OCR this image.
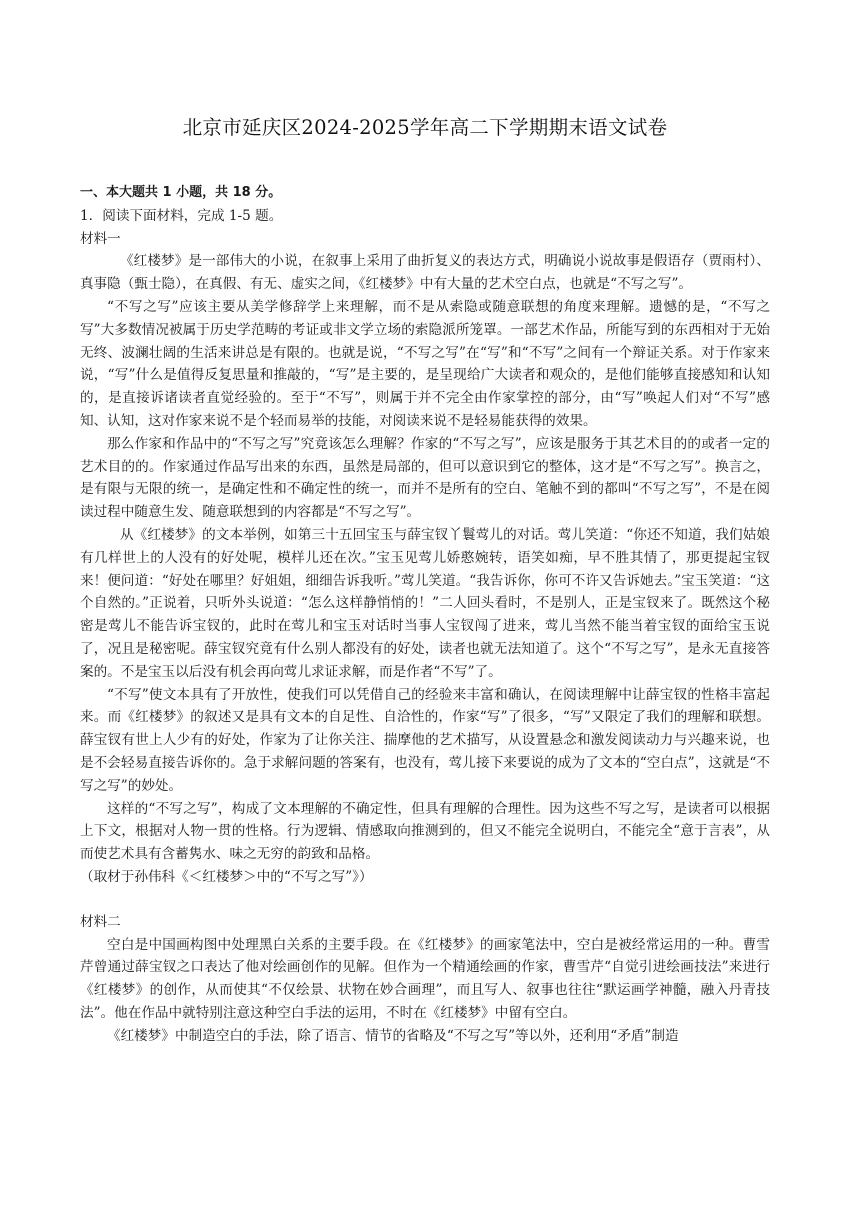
北京市延庆区2024-2025学年高二下学期期末语文试卷

一、本大题共 1 小题，共 18 分。

1．阅读下面材料，完成 1-5 题。

材料一

《红楼梦》是一部伟大的小说，在叙事上采用了曲折复义的表达方式，明确说小说故事是假语存（贾雨村）、真事隐（甄士隐），在真假、有无、虚实之间，《红楼梦》中有大量的艺术空白点，也就是“不写之写”。

“不写之写”应该主要从美学修辞学上来理解，而不是从索隐或随意联想的角度来理解。遗憾的是，“不写之写”大多数情况被属于历史学范畴的考证或非文学立场的索隐派所笼罩。一部艺术作品，所能写到的东西相对于无始无终、波澜壮阔的生活来讲总是有限的。也就是说，“不写之写”在“写”和“不写”之间有一个辩证关系。对于作家来说，“写”什么是值得反复思量和推敲的，“写”是主要的，是呈现给广大读者和观众的，是他们能够直接感知和认知的，是直接诉诸读者直觉经验的。至于“不写”，则属于并不完全由作家掌控的部分，由“写”唤起人们对“不写”感知、认知，这对作家来说不是个轻而易举的技能，对阅读来说不是轻易能获得的效果。

那么作家和作品中的“不写之写”究竟该怎么理解？作家的“不写之写”，应该是服务于其艺术目的的或者一定的艺术目的的。作家通过作品写出来的东西，虽然是局部的，但可以意识到它的整体，这才是“不写之写”。换言之，是有限与无限的统一，是确定性和不确定性的统一，而并不是所有的空白、笔触不到的都叫“不写之写”，不是在阅读过程中随意生发、随意联想到的内容都是“不写之写”。

从《红楼梦》的文本举例，如第三十五回宝玉与薛宝钗丫鬟莺儿的对话。莺儿笑道：“你还不知道，我们姑娘有几样世上的人没有的好处呢，模样儿还在次。”宝玉见莺儿娇憨婉转，语笑如痴，早不胜其情了，那更提起宝钗来！便问道：“好处在哪里？好姐姐，细细告诉我听。”莺儿笑道。“我告诉你，你可不许又告诉她去。”宝玉笑道：“这个自然的。”正说着，只听外头说道：“怎么这样静悄悄的！”二人回头看时，不是别人，正是宝钗来了。既然这个秘密是莺儿不能告诉宝钗的，此时在莺儿和宝玉对话时当事人宝钗闯了进来，莺儿当然不能当着宝钗的面给宝玉说了，况且是秘密呢。薛宝钗究竟有什么别人都没有的好处，读者也就无法知道了。这个“不写之写”，是永无直接答案的。不是宝玉以后没有机会再向莺儿求证求解，而是作者“不写”了。

“不写”使文本具有了开放性，使我们可以凭借自己的经验来丰富和确认，在阅读理解中让薛宝钗的性格丰富起来。而《红楼梦》的叙述又是具有文本的自足性、自洽性的，作家“写”了很多，“写”又限定了我们的理解和联想。薛宝钗有世上人少有的好处，作家为了让你关注、揣摩他的艺术描写，从设置悬念和激发阅读动力与兴趣来说，也是不会轻易直接告诉你的。急于求解问题的答案有，也没有，莺儿接下来要说的成为了文本的“空白点”，这就是“不写之写”的妙处。

这样的“不写之写”，构成了文本理解的不确定性，但具有理解的合理性。因为这些不写之写，是读者可以根据上下文，根据对人物一贯的性格。行为逻辑、情感取向推测到的，但又不能完全说明白，不能完全“意于言表”，从而使艺术具有含蓄隽水、味之无穷的韵致和品格。

（取材于孙伟科《＜红楼梦＞中的“不写之写”》）

材料二

空白是中国画构图中处理黑白关系的主要手段。在《红楼梦》的画家笔法中，空白是被经常运用的一种。曹雪芹曾通过薛宝钗之口表达了他对绘画创作的见解。但作为一个精通绘画的作家，曹雪芹“自觉引进绘画技法”来进行《红楼梦》的创作，从而使其“不仅绘景、状物在妙合画理”，而且写人、叙事也往往“默运画学神髓，融入丹青技法”。他在作品中就特别注意这种空白手法的运用，不时在《红楼梦》中留有空白。

《红楼梦》中制造空白的手法，除了语言、情节的省略及“不写之写”等以外，还利用“矛盾”制造
